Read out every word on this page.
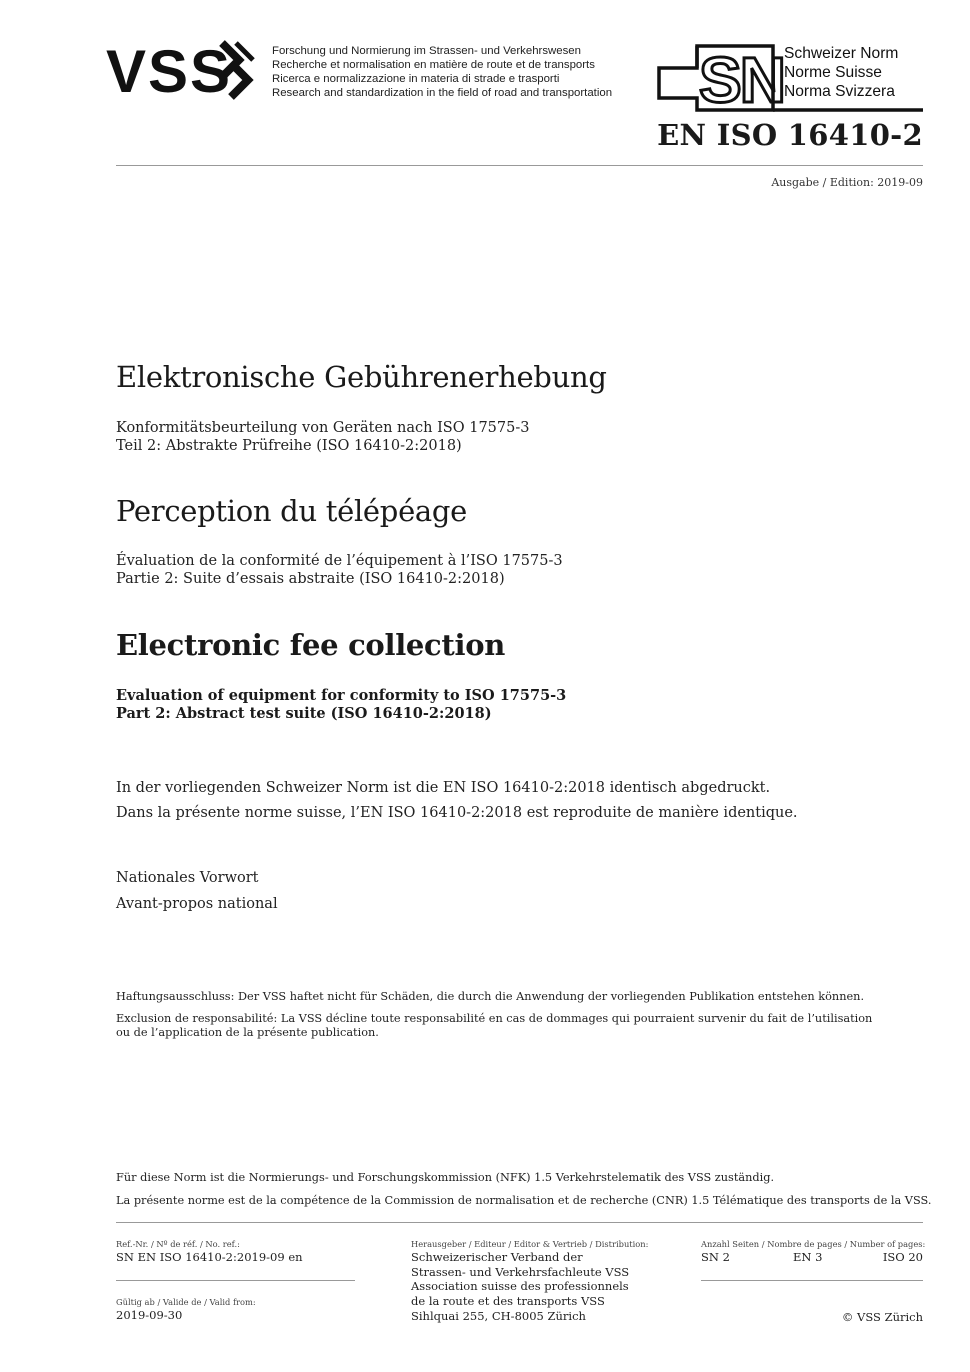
VSS	Forschung und Normierung im Strassen- und Verkehrswesen
Recherche et normalisation en matière de route et de transports
Ricerca e normalizzazione in materia di strade e trasporti
Research and standardization in the field of road and transportation SN Schweizer Norm
Norme Suisse
Norma Svizzera
EN ISO 16410-2
Ausgabe / Edition: 2019-09
Elektronische Gebührenerhebung
Konformitätsbeurteilung von Geräten nach ISO 17575-3
Teil 2: Abstrakte Prüfreihe (ISO 16410-2:2018)
Perception du télépéage
Évaluation de la conformité de l’équipement à l’ISO 17575-3
Partie 2: Suite d’essais abstraite (ISO 16410-2:2018)
Electronic fee collection
Evaluation of equipment for conformity to ISO 17575-3
Part 2: Abstract test suite (ISO 16410-2:2018)
In der vorliegenden Schweizer Norm ist die EN ISO 16410-2:2018 identisch abgedruckt.
Dans la présente norme suisse, l’EN ISO 16410-2:2018 est reproduite de manière identique.
Nationales Vorwort
Avant-propos national
Haftungsausschluss: Der VSS haftet nicht für Schäden, die durch die Anwendung der vorliegenden Publikation entstehen können.
Exclusion de responsabilité: La VSS décline toute responsabilité en cas de dommages qui pourraient survenir du fait de l’utilisation ou de l’application de la présente publication.
Für diese Norm ist die Normierungs- und Forschungskommission (NFK) 1.5 Verkehrstelematik des VSS zuständig.
La présente norme est de la compétence de la Commission de normalisation et de recherche (CNR) 1.5 Télématique des transports de la VSS.
Ref.-Nr. / Nº de réf. / No. ref.:
SN EN ISO 16410-2:2019-09 en
Gültig ab / Valide de / Valid from:
2019-09-30
Herausgeber / Editeur / Editor & Vertrieb / Distribution:
Schweizerischer Verband der
Strassen- und Verkehrsfachleute VSS
Association suisse des professionnels
de la route et des transports VSS
Sihlquai 255, CH-8005 Zürich
Anzahl Seiten / Nombre de pages / Number of pages:
SN 2	EN 3	ISO 20
© VSS Zürich
